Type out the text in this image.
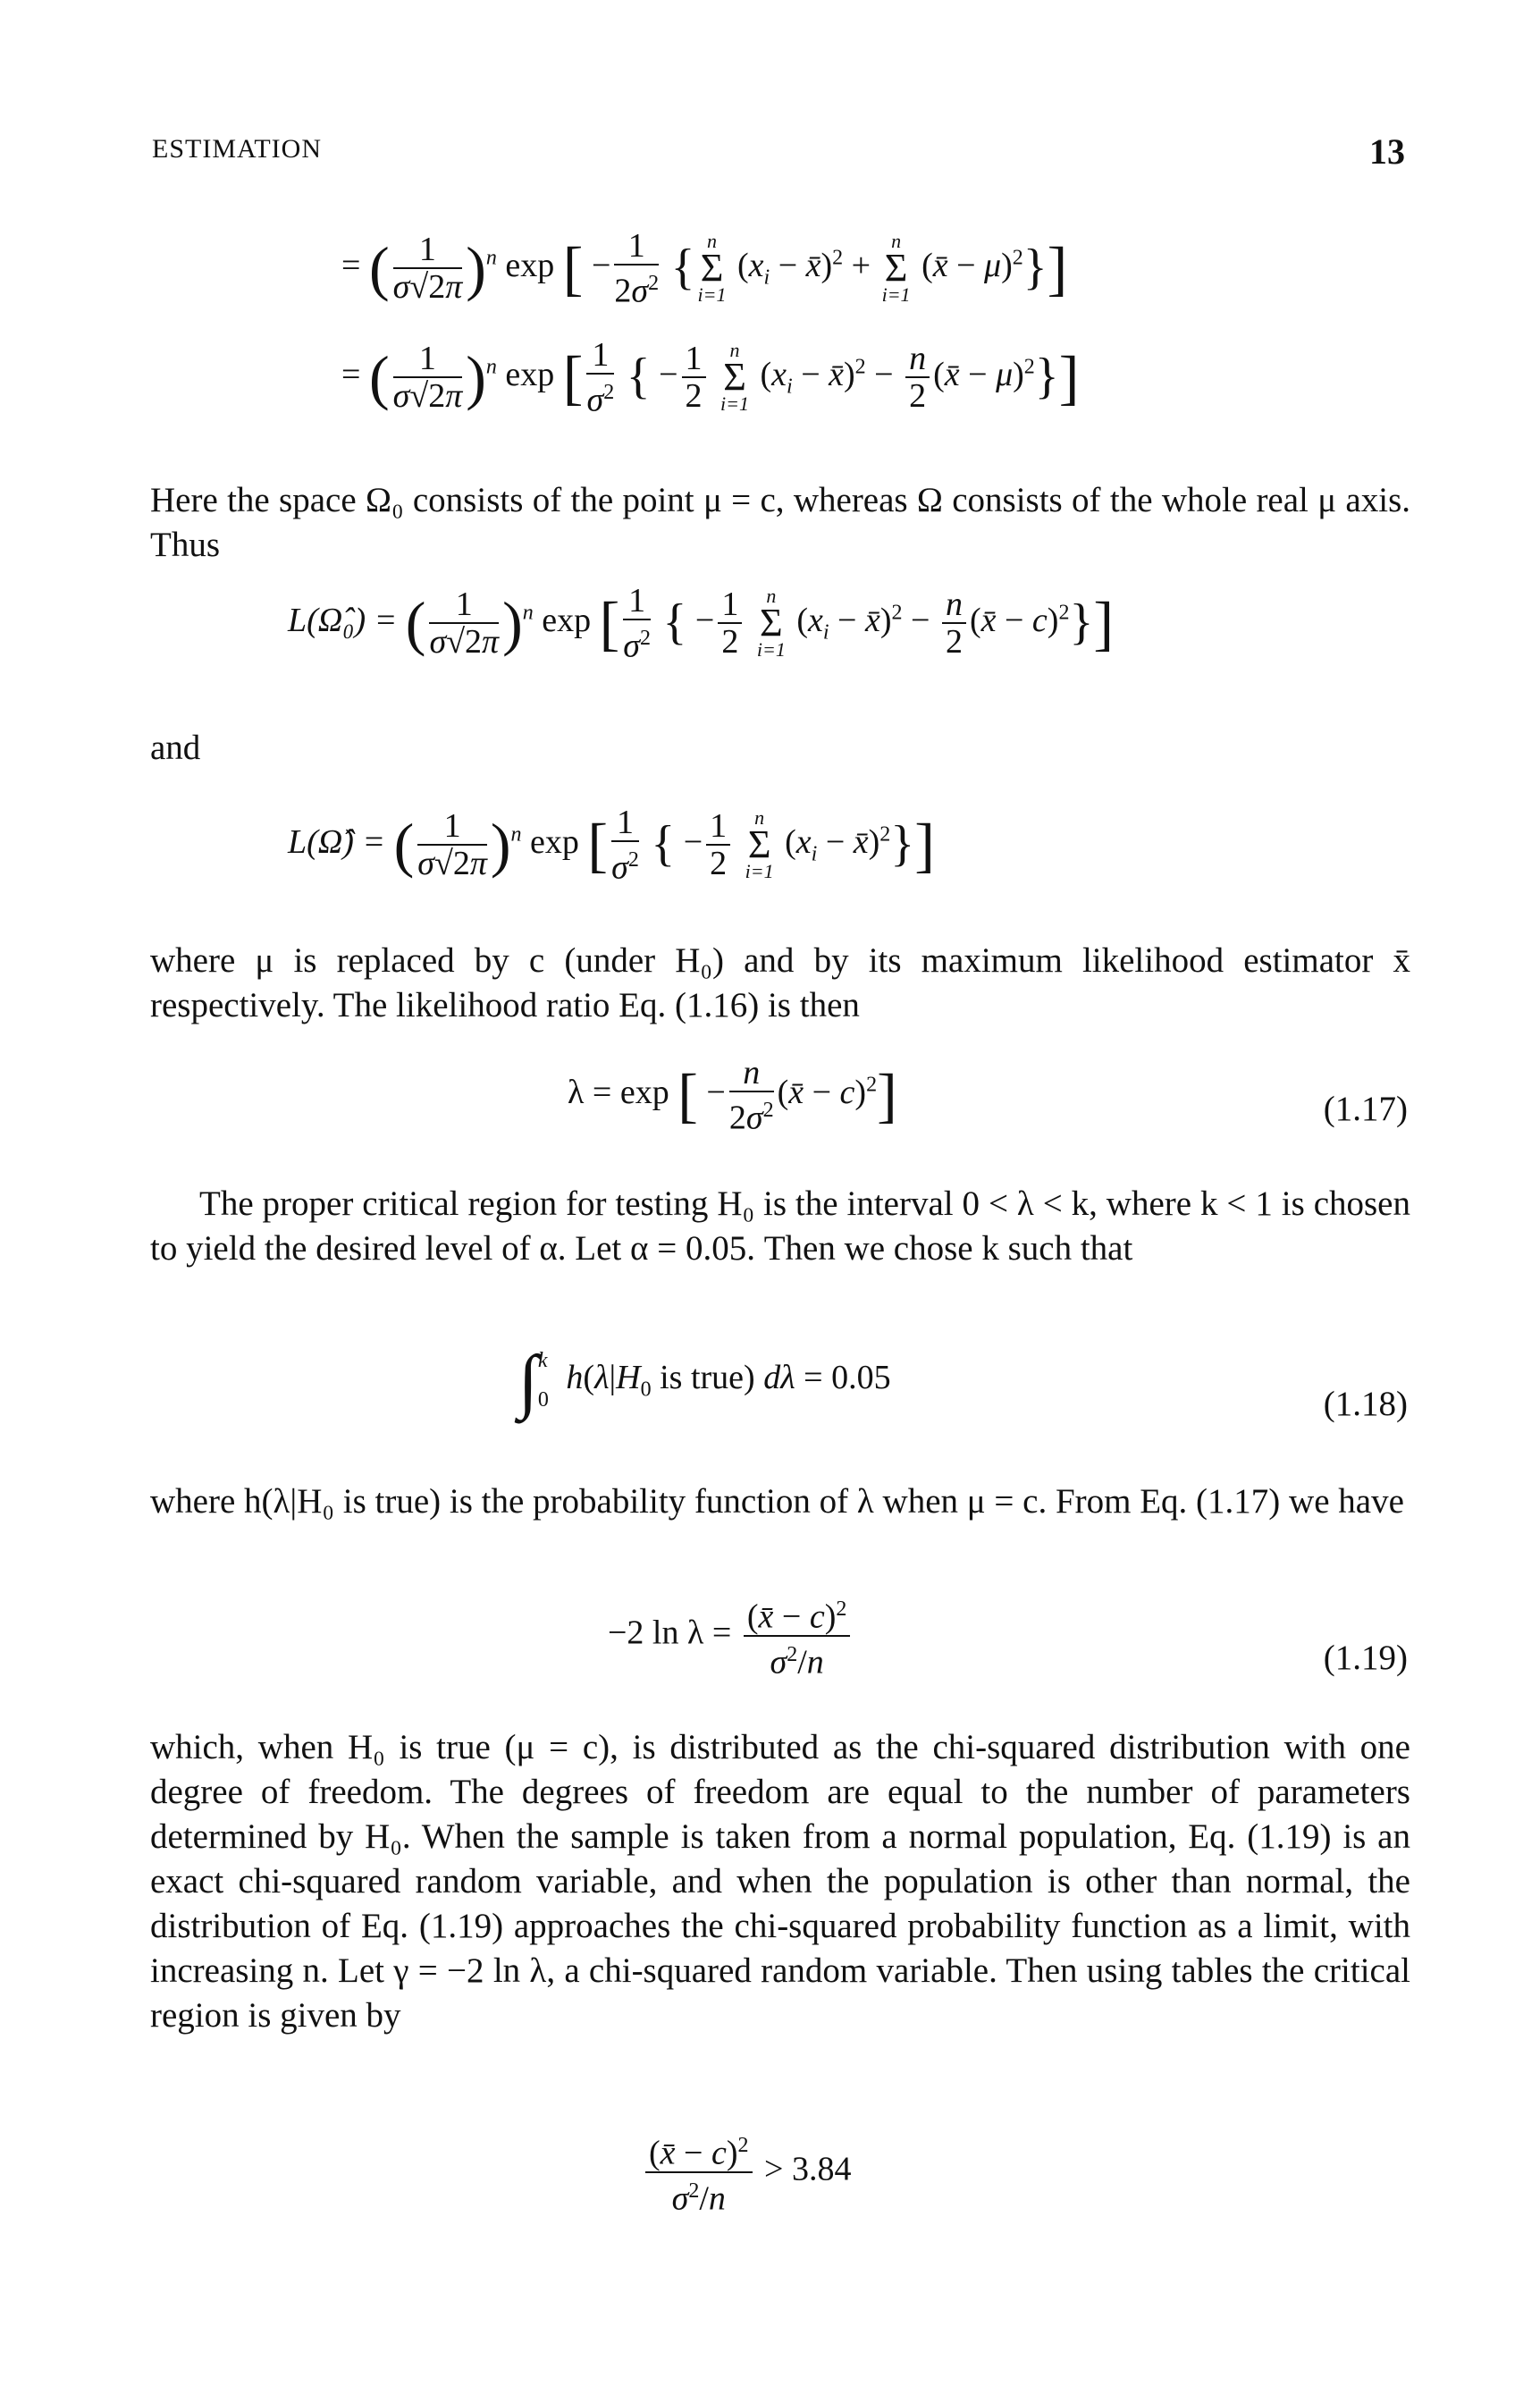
ESTIMATION	13
= ( $\frac{1}{\sigma√2\pi} )^n$ exp [ − $\frac{1}{2\sigma^2}$ { n
Σ
i=1
($x_i$ − x̄)$^2$ +
n
Σ
i=1
(x̄ − μ)$^2$}]
= ( $\frac{1}{\sigma√2\pi} )^n$ exp [ $\frac{1}{\sigma^2}$ { − $\frac{1}{2}$
	n
Σ
i=1
($x_i$ − x̄)$^2$ − $\frac{n}{2}$ (x̄ − μ)$^2$}]
Here the space Ω₀ consists of the point μ = c, whereas Ω consists of the whole real μ axis. Thus
L(Ω̂₀) = ( $\frac{1}{\sigma√2\pi} )^n$ exp [ $\frac{1}{\sigma^2}$ { − $\frac{1}{2}$
	n
Σ
i=1
($x_i$ − x̄)$^2$ − $\frac{n}{2}$ (x̄ − c)$^2$}]
and
L(Ω̂) = ( $\frac{1}{\sigma√2\pi} )^n$ exp [ $\frac{1}{\sigma^2}$ { − $\frac{1}{2}$
	n
Σ
i=1
($x_i$ − x̄)$^2$}]
where μ is replaced by c (under H₀) and by its maximum likelihood estimator x̄ respectively. The likelihood ratio Eq. (1.16) is then
λ = exp [ − $\frac{n}{2\sigma^2}$ (x̄ − c)$^2$]	(1.17)
The proper critical region for testing H₀ is the interval 0 < λ < k, where k < 1 is chosen to yield the desired level of α. Let α = 0.05. Then we chose k such that
∫ k
0
$h(\lambda|H_0$ is true) dλ = 0.05
(1.18)
where h(λ|H₀ is true) is the probability function of λ when μ = c. From Eq. (1.17) we have
−2 $\ln \lambda = \frac{(x̄ - c)^2}{\sigma^2/n}$	(1.19)
which, when H₀ is true (μ = c), is distributed as the chi-squared distribution with one degree of freedom. The degrees of freedom are equal to the number of parameters determined by H₀. When the sample is taken from a normal population, Eq. (1.19) is an exact chi-squared random variable, and when the population is other than normal, the distribution of Eq. (1.19) approaches the chi-squared probability function as a limit, with increasing n. Let γ = −2 ln λ, a chi-squared random variable. Then using tables the critical region is given by
$\frac{(x̄ - c)^2}{\sigma^2/n} > 3.84$
